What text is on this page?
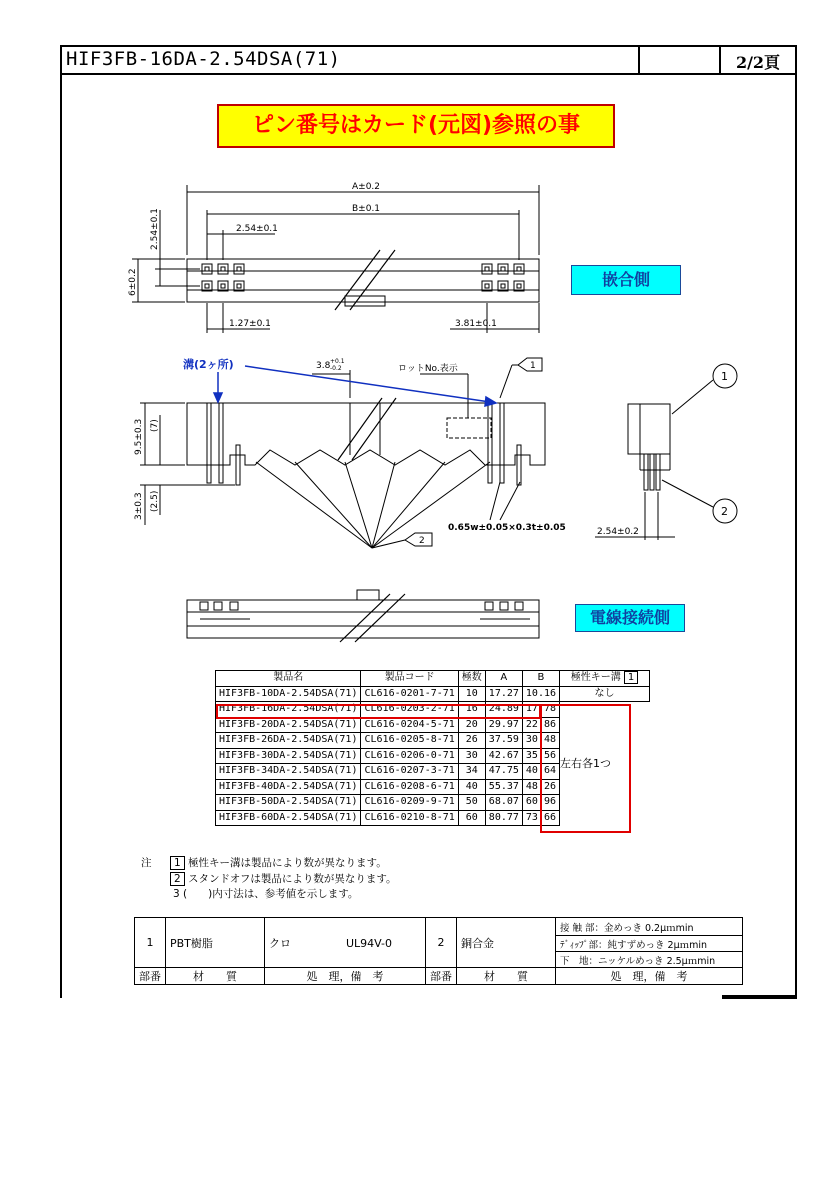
HIF3FB-16DA-2.54DSA(71)	2/2頁
ピン番号はカード(元図)参照の事
A±0.2
B±0.1
2.54±0.1
1.27±0.1	3.81±0.1
6±0.2
2.54±0.1
溝(2ヶ所)	3.8 +0.1
-0.2	ロットNo.表示	1
2
0.65w±0.05×0.3t±0.05
9.5±0.3 (7)
3±0.3 (2.5)
1
2
2.54±0.2
嵌合側
電線接続側
製品名	製品コード	極数	A	B	極性キー溝 1
HIF3FB-10DA-2.54DSA(71)	CL616-0201-7-71	10	17.27	10.16	なし
HIF3FB-16DA-2.54DSA(71)	CL616-0203-2-71	16	24.89	17.78	
HIF3FB-20DA-2.54DSA(71)	CL616-0204-5-71	20	29.97	22.86	
HIF3FB-26DA-2.54DSA(71)	CL616-0205-8-71	26	37.59	30.48	
HIF3FB-30DA-2.54DSA(71)	CL616-0206-0-71	30	42.67	35.56	
HIF3FB-34DA-2.54DSA(71)	CL616-0207-3-71	34	47.75	40.64	
HIF3FB-40DA-2.54DSA(71)	CL616-0208-6-71	40	55.37	48.26	
HIF3FB-50DA-2.54DSA(71)	CL616-0209-9-71	50	68.07	60.96	
HIF3FB-60DA-2.54DSA(71)	CL616-0210-8-71	60	80.77	73.66	
左右各1つ
注	1 極性キー溝は製品により数が異なります。
2 スタンドオフは製品により数が異なります。
3 (　　)内寸法は、参考値を示します。
1	PBT樹脂	クロ　　　　　UL94V-0	2	銅合金	接 触 部：金めっき 0.2μｍmin
					ﾃﾞｨｯﾌﾟ部：純すずめっき 2μｍmin
					下　地：ニッケルめっき 2.5μｍmin
部番	材　　質	処　理，備　考	部番	材　　質	処　理，備　考
